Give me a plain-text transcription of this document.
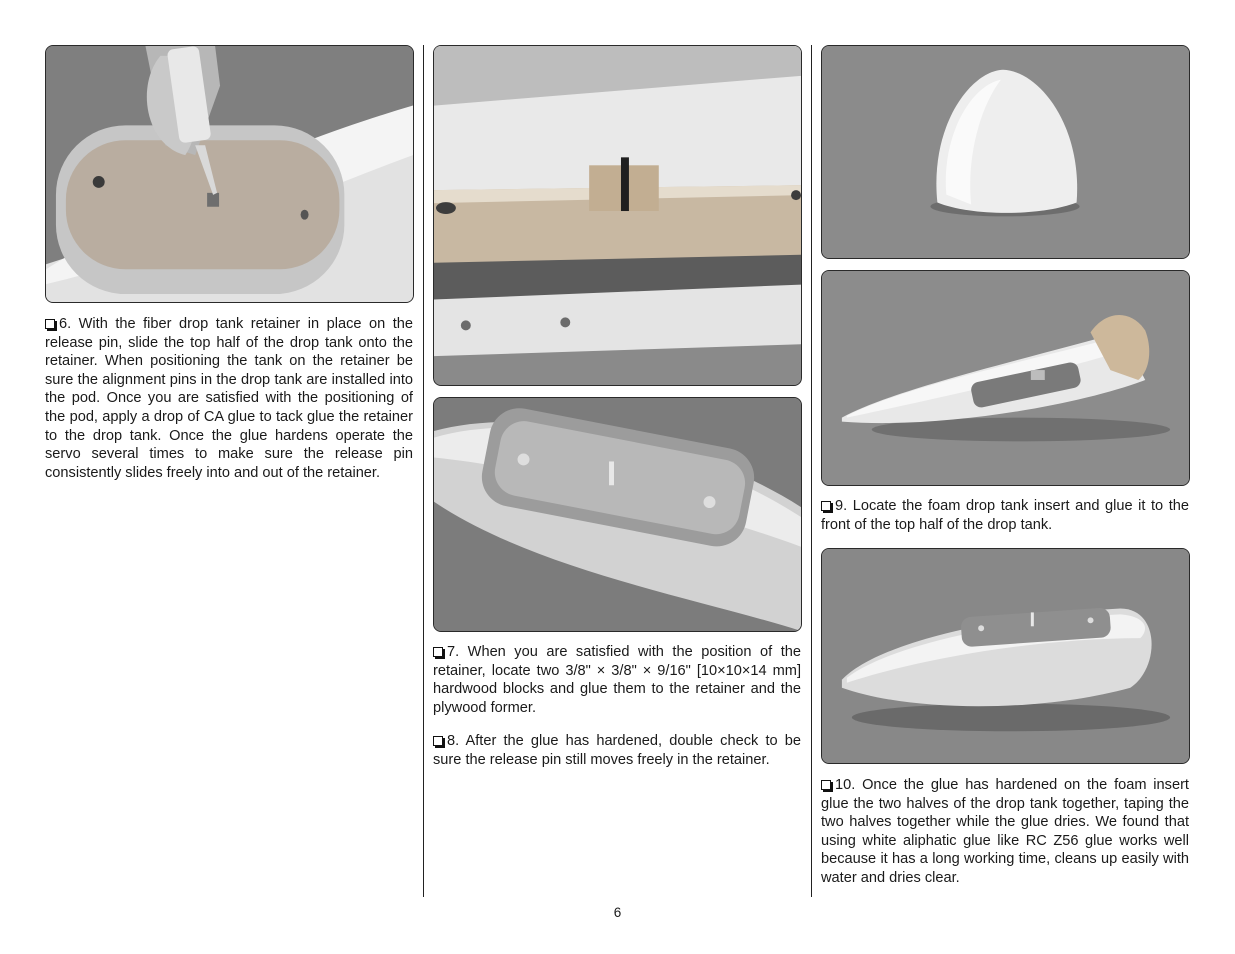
6. With the fiber drop tank retainer in place on the release pin, slide the top half of the drop tank onto the retainer. When positioning the tank on the retainer be sure the alignment pins in the drop tank are installed into the pod. Once you are satisfied with the positioning of the pod, apply a drop of CA glue to tack glue the retainer to the drop tank. Once the glue hardens operate the servo several times to make sure the release pin consistently slides freely into and out of the retainer.

7. When you are satisfied with the position of the retainer, locate two 3/8" × 3/8" × 9/16" [10×10×14 mm] hardwood blocks and glue them to the retainer and the plywood former.

8. After the glue has hardened, double check to be sure the release pin still moves freely in the retainer.

9. Locate the foam drop tank insert and glue it to the front of the top half of the drop tank.

10. Once the glue has hardened on the foam insert glue the two halves of the drop tank together, taping the two halves together while the glue dries. We found that using white aliphatic glue like RC Z56 glue works well because it has a long working time, cleans up easily with water and dries clear.

6
